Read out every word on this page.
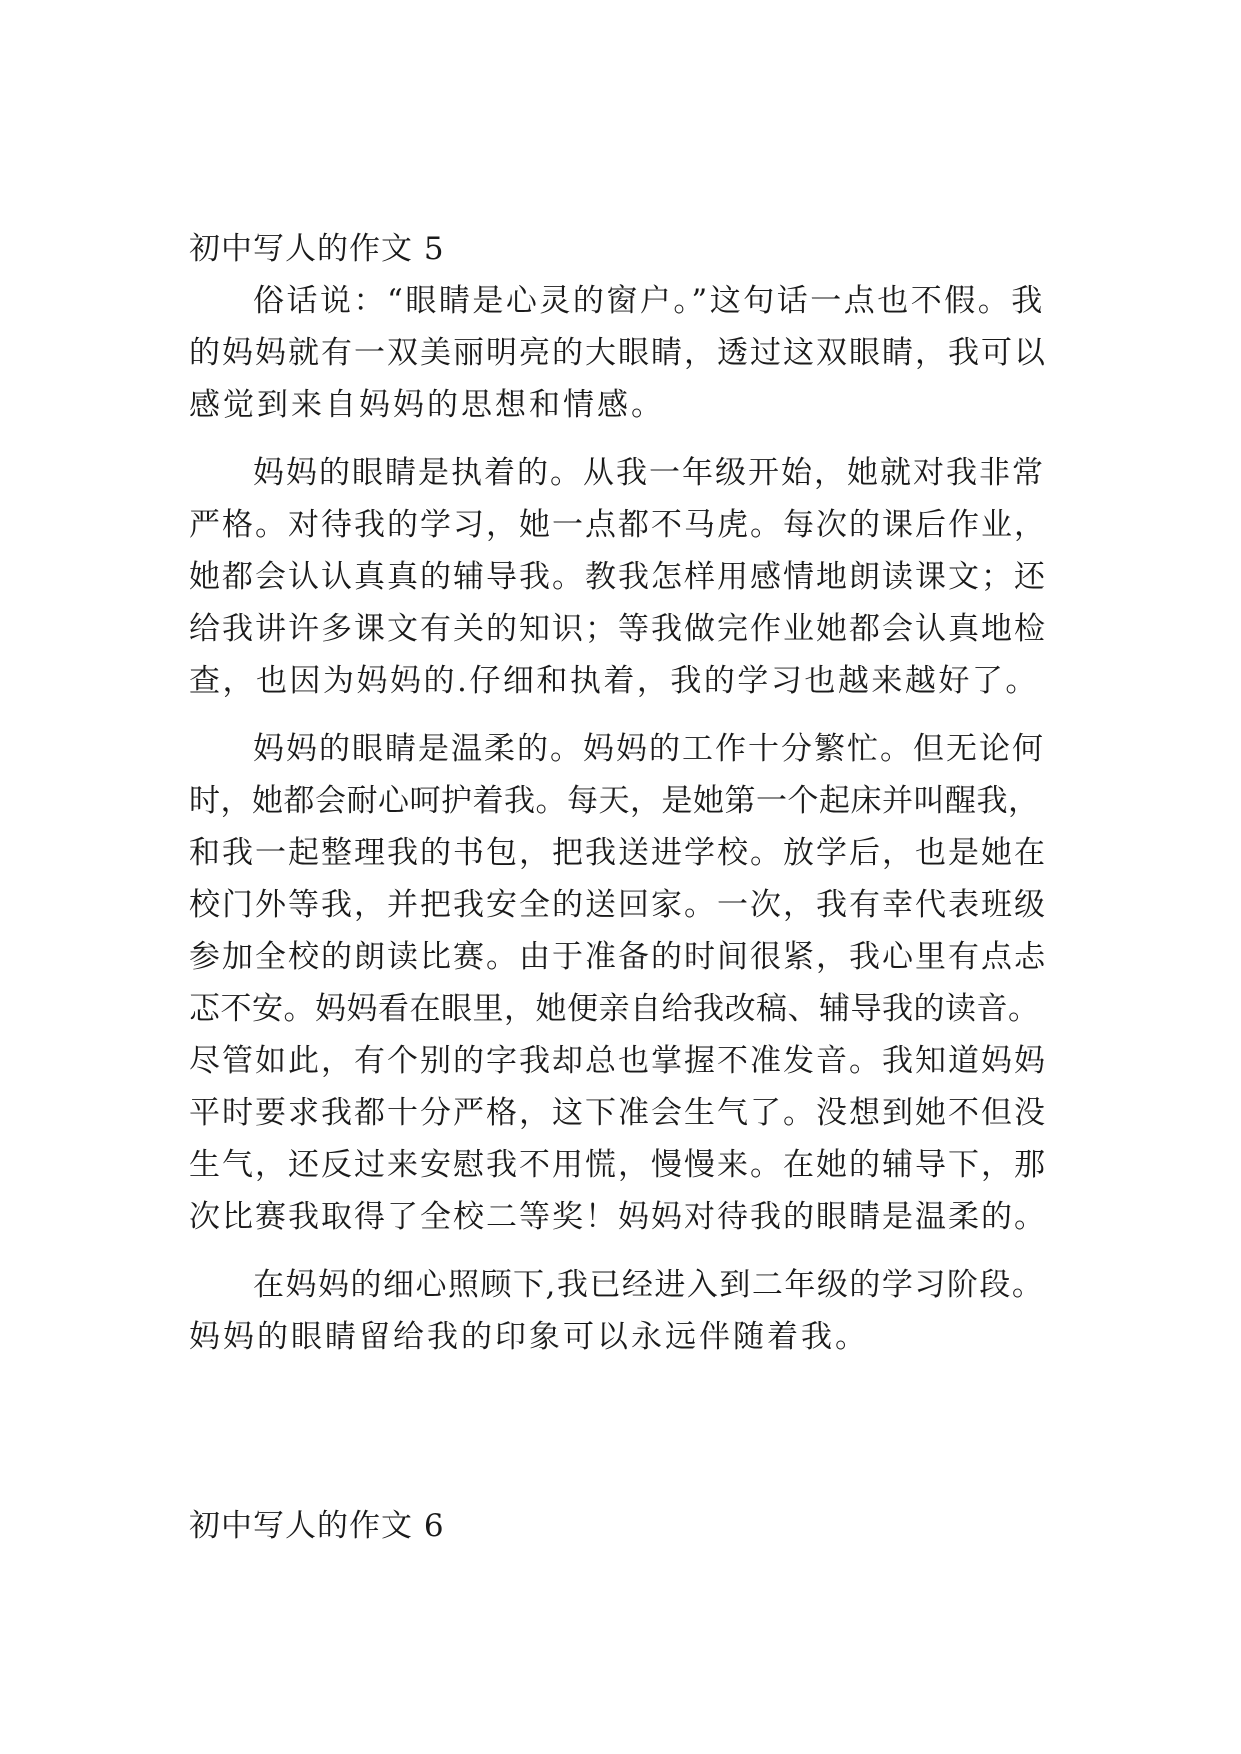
初中写人的作文 5

俗话说：“眼睛是心灵的窗户。”这句话一点也不假。我

的妈妈就有一双美丽明亮的大眼睛，透过这双眼睛，我可以

感觉到来自妈妈的思想和情感。

妈妈的眼睛是执着的。从我一年级开始，她就对我非常

严格。对待我的学习，她一点都不马虎。每次的课后作业，

她都会认认真真的辅导我。教我怎样用感情地朗读课文；还

给我讲许多课文有关的知识；等我做完作业她都会认真地检

查，也因为妈妈的.仔细和执着，我的学习也越来越好了。

妈妈的眼睛是温柔的。妈妈的工作十分繁忙。但无论何

时，她都会耐心呵护着我。每天，是她第一个起床并叫醒我，

和我一起整理我的书包，把我送进学校。放学后，也是她在

校门外等我，并把我安全的送回家。一次，我有幸代表班级

参加全校的朗读比赛。由于准备的时间很紧，我心里有点忐

忑不安。妈妈看在眼里，她便亲自给我改稿、辅导我的读音。

尽管如此，有个别的字我却总也掌握不准发音。我知道妈妈

平时要求我都十分严格，这下准会生气了。没想到她不但没

生气，还反过来安慰我不用慌，慢慢来。在她的辅导下，那

次比赛我取得了全校二等奖！妈妈对待我的眼睛是温柔的。

在妈妈的细心照顾下,我已经进入到二年级的学习阶段。

妈妈的眼睛留给我的印象可以永远伴随着我。

初中写人的作文 6
